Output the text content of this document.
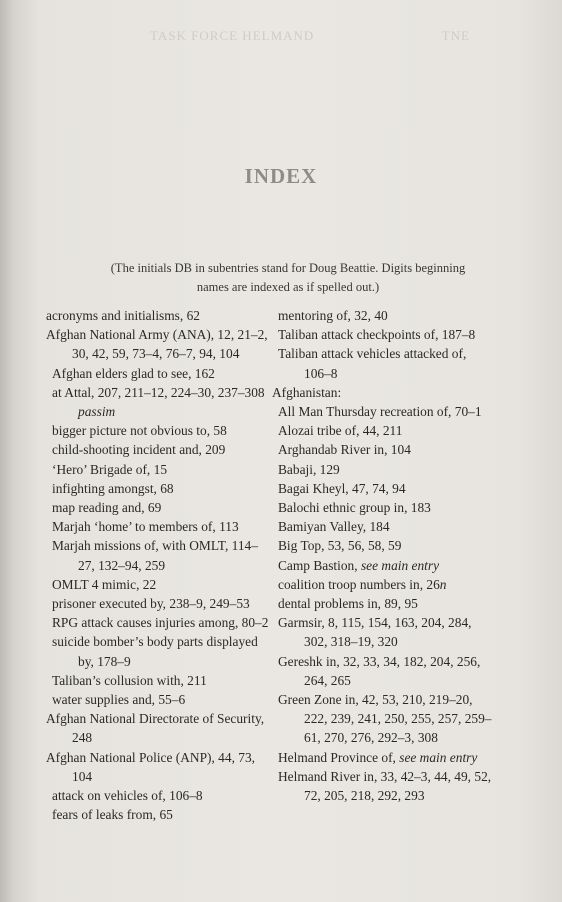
TASK FORCE HELMAND	TNE
INDEX
(The initials DB in subentries stand for Doug Beattie. Digits beginning names are indexed as if spelled out.)
acronyms and initialisms, 62
Afghan National Army (ANA), 12, 21–2, 30, 42, 59, 73–4, 76–7, 94, 104
Afghan elders glad to see, 162
at Attal, 207, 211–12, 224–30, 237–308 passim
bigger picture not obvious to, 58
child-shooting incident and, 209
‘Hero’ Brigade of, 15
infighting amongst, 68
map reading and, 69
Marjah ‘home’ to members of, 113
Marjah missions of, with OMLT, 114–27, 132–94, 259
OMLT 4 mimic, 22
prisoner executed by, 238–9, 249–53
RPG attack causes injuries among, 80–2
suicide bomber’s body parts displayed by, 178–9
Taliban’s collusion with, 211
water supplies and, 55–6
Afghan National Directorate of Security, 248
Afghan National Police (ANP), 44, 73, 104
attack on vehicles of, 106–8
fears of leaks from, 65
mentoring of, 32, 40
Taliban attack checkpoints of, 187–8
Taliban attack vehicles attacked of, 106–8
Afghanistan:
All Man Thursday recreation of, 70–1
Alozai tribe of, 44, 211
Arghandab River in, 104
Babaji, 129
Bagai Kheyl, 47, 74, 94
Balochi ethnic group in, 183
Bamiyan Valley, 184
Big Top, 53, 56, 58, 59
Camp Bastion, see main entry
coalition troop numbers in, 26n
dental problems in, 89, 95
Garmsir, 8, 115, 154, 163, 204, 284, 302, 318–19, 320
Gereshk in, 32, 33, 34, 182, 204, 256, 264, 265
Green Zone in, 42, 53, 210, 219–20, 222, 239, 241, 250, 255, 257, 259–61, 270, 276, 292–3, 308
Helmand Province of, see main entry
Helmand River in, 33, 42–3, 44, 49, 52, 72, 205, 218, 292, 293
